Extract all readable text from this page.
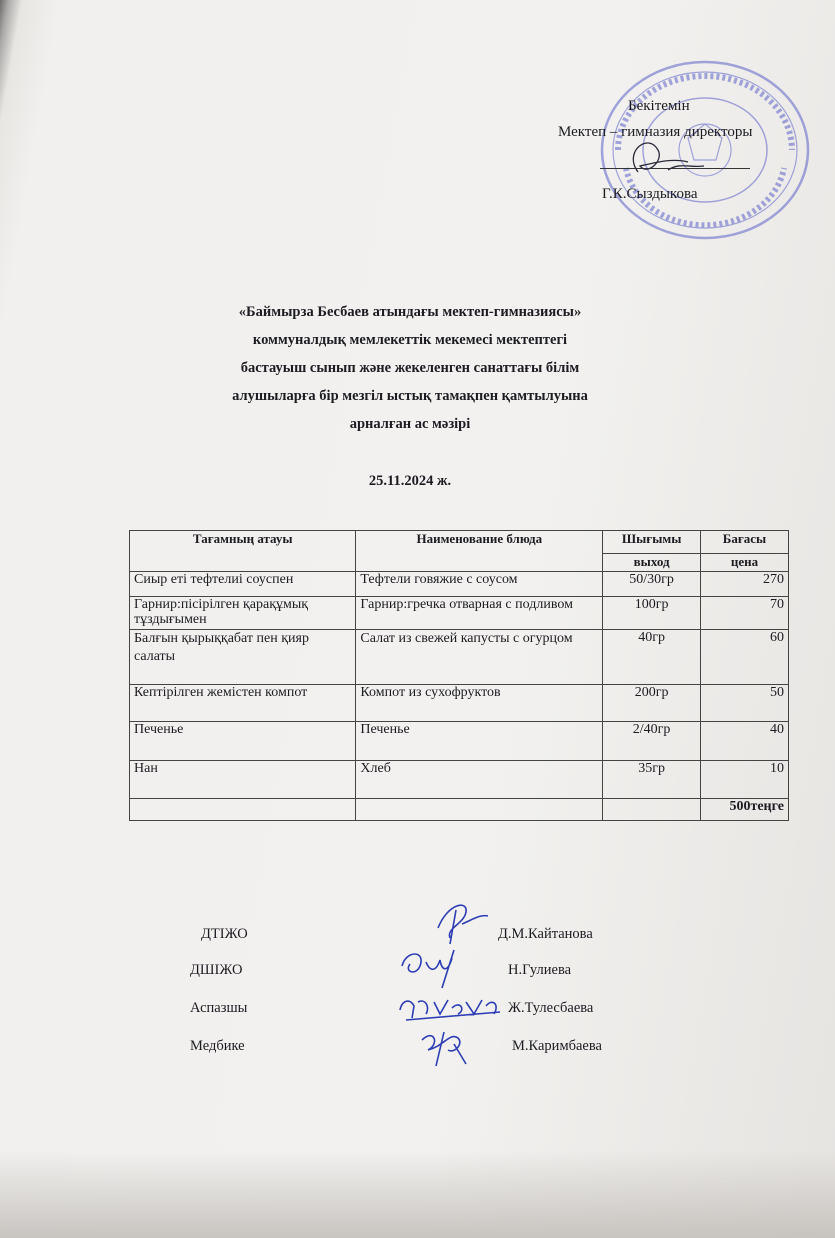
Бекітемін
Мектеп – гимназия директоры
Г.К.Сыздыкова
«Баймырза Бесбаев атындағы мектеп-гимназиясы»
коммуналдық мемлекеттік мекемесі мектептегі
бастауыш сынып және жекеленген санаттағы білім
алушыларға бір мезгіл ыстық тамақпен қамтылуына
арналған ас мәзірі
25.11.2024 ж.
Тағамның атауы	Наименование блюда	Шығымы	Бағасы
		выход	цена
Сиыр еті тефтелиі соуспен	Тефтели говяжие с соусом	50/30гр	270
Гарнир:пісірілген қарақұмық тұздығымен	Гарнир:гречка отварная с подливом	100гр	70
Балғын қырыққабат пен қияр салаты	Салат из свежей капусты с огурцом	40гр	60
Кептірілген жемістен компот	Компот из сухофруктов	200гр	50
Печенье	Печенье	2/40гр	40
Нан	Хлеб	35гр	10
			500теңге
ДТІЖО	Д.М.Кайтанова
ДШІЖО	Н.Гулиева
Аспазшы	Ж.Тулесбаева
Медбике	М.Каримбаева
